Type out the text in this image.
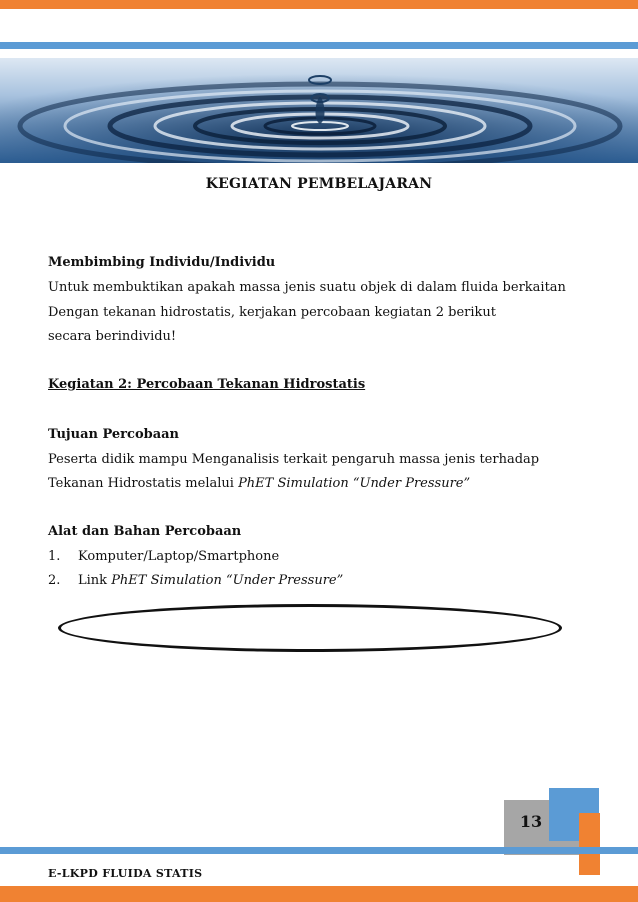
KEGIATAN PEMBELAJARAN
Membimbing Individu/Individu
Untuk membuktikan apakah massa jenis suatu objek di dalam fluida berkaitan
Dengan tekanan hidrostatis, kerjakan percobaan kegiatan 2 berikut
secara berindividu!
Kegiatan 2: Percobaan Tekanan Hidrostatis
Tujuan Percobaan
Peserta didik mampu Menganalisis terkait pengaruh massa jenis terhadap
Tekanan Hidrostatis melalui PhET Simulation “Under Pressure”
Alat dan Bahan Percobaan
1. Komputer/Laptop/Smartphone
2. Link PhET Simulation “Under Pressure”
13
E-LKPD FLUIDA STATIS
